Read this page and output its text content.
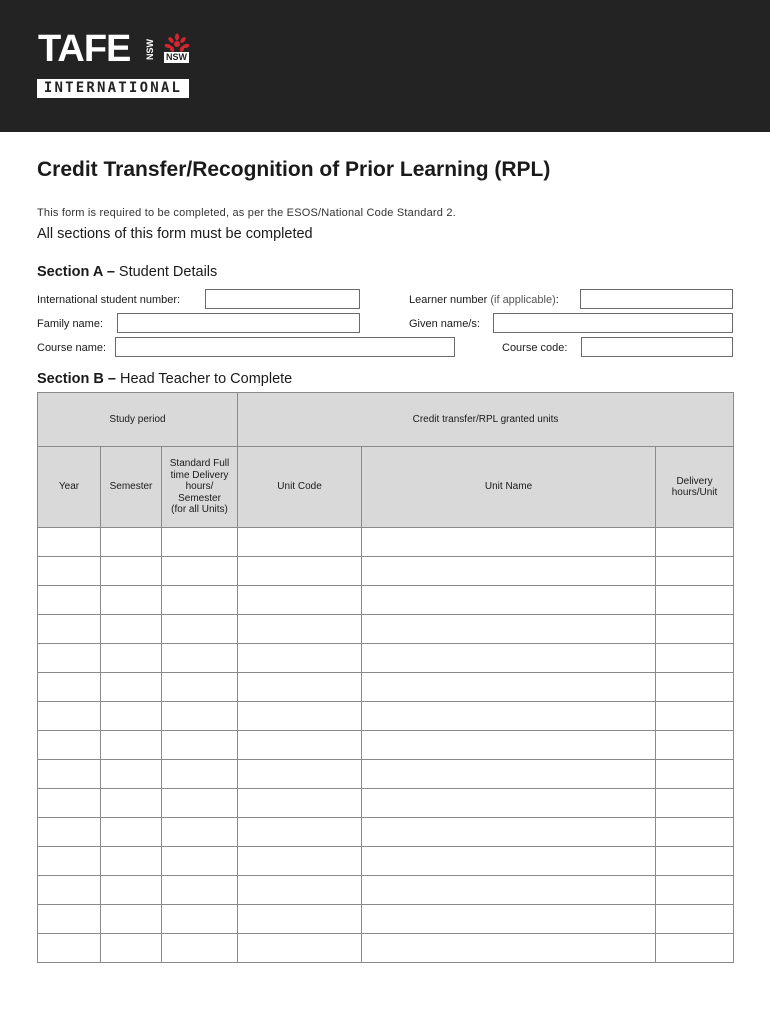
TAFE NSW NSW
INTERNATIONAL
Credit Transfer/Recognition of Prior Learning (RPL)
This form is required to be completed, as per the ESOS/National Code Standard 2.
All sections of this form must be completed
Section A – Student Details
International student number:	Learner number (if applicable):
Family name:	Given name/s:
Course name:	Course code:
Section B – Head Teacher to Complete
Study period			Credit transfer/RPL granted units		
Year	Semester	Standard Full
time Delivery
hours/
Semester
(for all Units)	Unit Code	Unit Name	Delivery
hours/Unit
